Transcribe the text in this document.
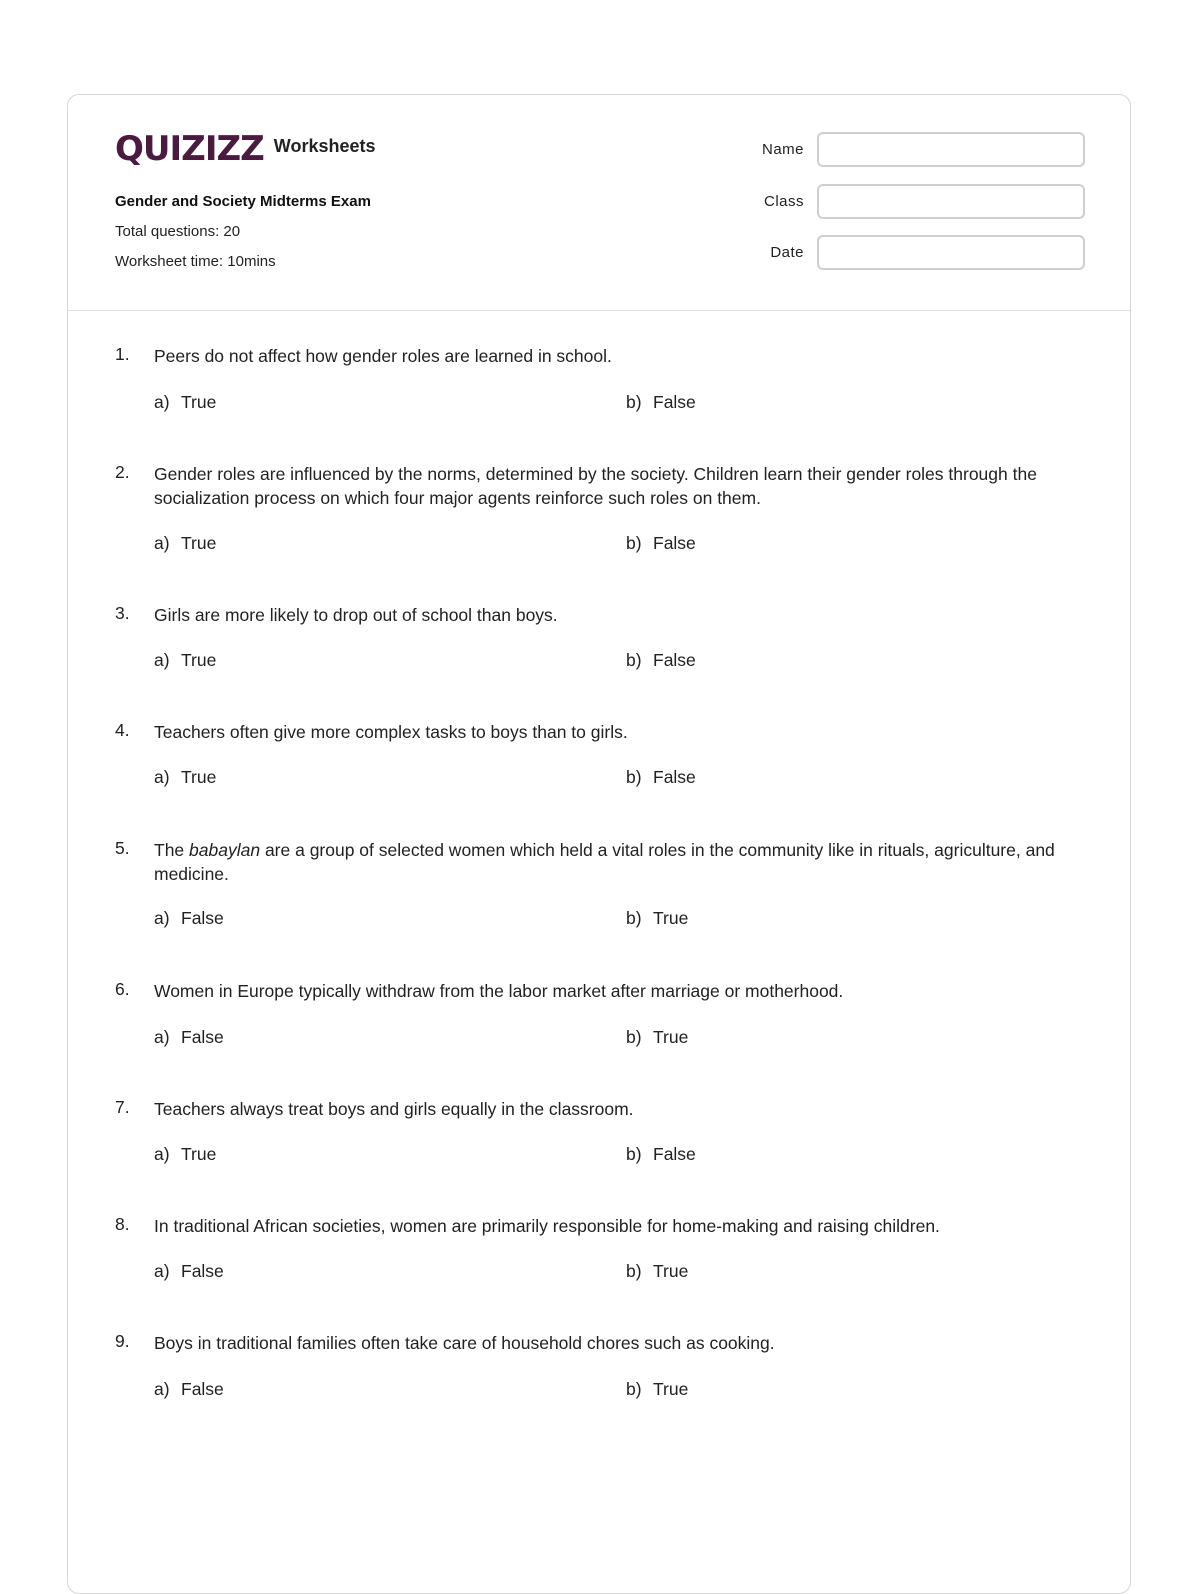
QUIZIZZ Worksheets
Gender and Society Midterms Exam
Total questions: 20
Worksheet time: 10mins
Name
Class
Date
1. Peers do not affect how gender roles are learned in school.
a) True	b) False
2. Gender roles are influenced by the norms, determined by the society. Children learn their gender roles through the socialization process on which four major agents reinforce such roles on them.
a) True	b) False
3. Girls are more likely to drop out of school than boys.
a) True	b) False
4. Teachers often give more complex tasks to boys than to girls.
a) True	b) False
5. The babaylan are a group of selected women which held a vital roles in the community like in rituals, agriculture, and medicine.
a) False	b) True
6. Women in Europe typically withdraw from the labor market after marriage or motherhood.
a) False	b) True
7. Teachers always treat boys and girls equally in the classroom.
a) True	b) False
8. In traditional African societies, women are primarily responsible for home-making and raising children.
a) False	b) True
9. Boys in traditional families often take care of household chores such as cooking.
a) False	b) True
